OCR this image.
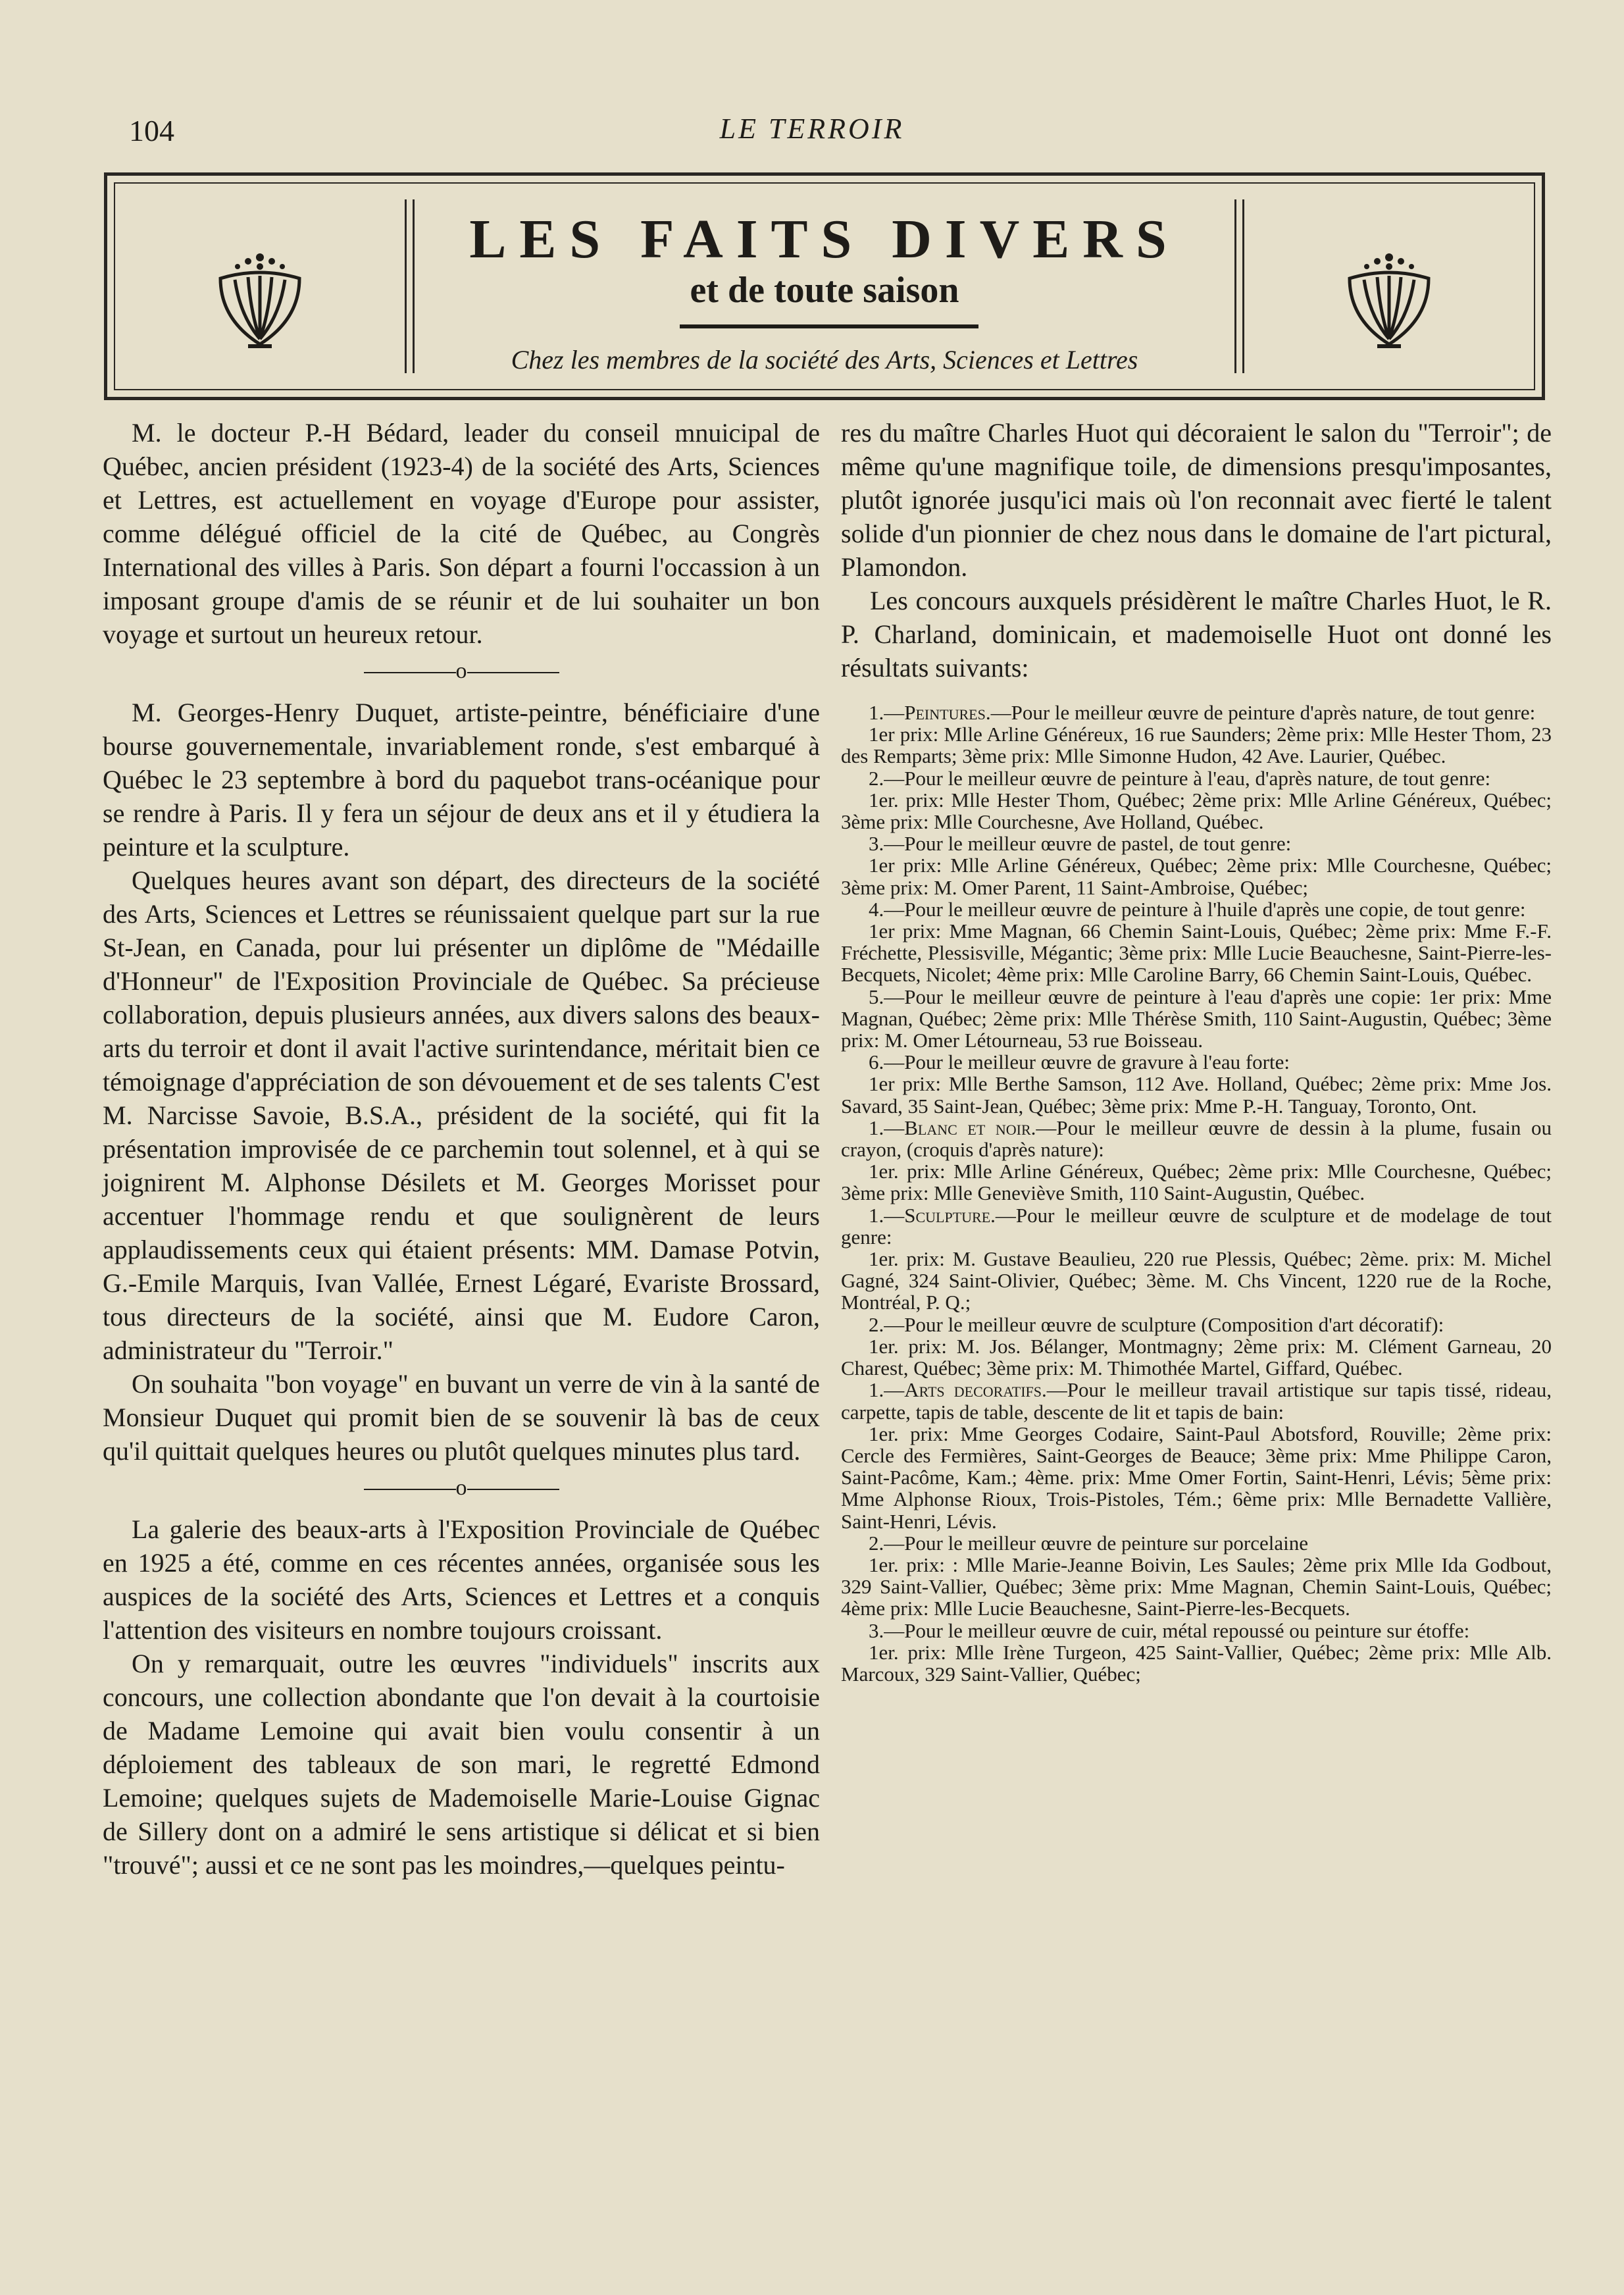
104	LE TERROIR
LES FAITS DIVERS
et de toute saison
Chez les membres de la société des Arts, Sciences et Lettres

M. le docteur P.-H Bédard, leader du conseil mnuicipal de Québec, ancien président (1923-4) de la société des Arts, Sciences et Lettres, est actuellement en voyage d'Europe pour assister, comme délégué officiel de la cité de Québec, au Congrès International des villes à Paris. Son départ a fourni l'occassion à un imposant groupe d'amis de se réunir et de lui souhaiter un bon voyage et surtout un heureux retour.

o

M. Georges-Henry Duquet, artiste-peintre, bénéficiaire d'une bourse gouvernementale, invariablement ronde, s'est embarqué à Québec le 23 septembre à bord du paquebot trans-océanique pour se rendre à Paris. Il y fera un séjour de deux ans et il y étudiera la peinture et la sculpture.

Quelques heures avant son départ, des directeurs de la société des Arts, Sciences et Lettres se réunissaient quelque part sur la rue St-Jean, en Canada, pour lui présenter un diplôme de "Médaille d'Honneur" de l'Exposition Provinciale de Québec. Sa précieuse collaboration, depuis plusieurs années, aux divers salons des beaux-arts du terroir et dont il avait l'active surintendance, méritait bien ce témoignage d'appréciation de son dévouement et de ses talents C'est M. Narcisse Savoie, B.S.A., président de la société, qui fit la présentation improvisée de ce parchemin tout solennel, et à qui se joignirent M. Alphonse Désilets et M. Georges Morisset pour accentuer l'hommage rendu et que soulignèrent de leurs applaudissements ceux qui étaient présents: MM. Damase Potvin, G.-Emile Marquis, Ivan Vallée, Ernest Légaré, Evariste Brossard, tous directeurs de la société, ainsi que M. Eudore Caron, administrateur du "Terroir."

On souhaita "bon voyage" en buvant un verre de vin à la santé de Monsieur Duquet qui promit bien de se souvenir là bas de ceux qu'il quittait quelques heures ou plutôt quelques minutes plus tard.

o

La galerie des beaux-arts à l'Exposition Provinciale de Québec en 1925 a été, comme en ces récentes années, organisée sous les auspices de la société des Arts, Sciences et Lettres et a conquis l'attention des visiteurs en nombre toujours croissant.

On y remarquait, outre les œuvres "individuels" inscrits aux concours, une collection abondante que l'on devait à la courtoisie de Madame Lemoine qui avait bien voulu consentir à un déploiement des tableaux de son mari, le regretté Edmond Lemoine; quelques sujets de Mademoiselle Marie-Louise Gignac de Sillery dont on a admiré le sens artistique si délicat et si bien "trouvé"; aussi et ce ne sont pas les moindres,—quelques peintu-

res du maître Charles Huot qui décoraient le salon du "Terroir"; de même qu'une magnifique toile, de dimensions presqu'imposantes, plutôt ignorée jusqu'ici mais où l'on reconnait avec fierté le talent solide d'un pionnier de chez nous dans le domaine de l'art pictural, Plamondon.

Les concours auxquels présidèrent le maître Charles Huot, le R. P. Charland, dominicain, et mademoiselle Huot ont donné les résultats suivants:

1.—Peintures.—Pour le meilleur œuvre de peinture d'après nature, de tout genre:

1er prix: Mlle Arline Généreux, 16 rue Saunders; 2ème prix: Mlle Hester Thom, 23 des Remparts; 3ème prix: Mlle Simonne Hudon, 42 Ave. Laurier, Québec.

2.—Pour le meilleur œuvre de peinture à l'eau, d'après nature, de tout genre:

1er. prix: Mlle Hester Thom, Québec; 2ème prix: Mlle Arline Généreux, Québec; 3ème prix: Mlle Courchesne, Ave Holland, Québec.

3.—Pour le meilleur œuvre de pastel, de tout genre:

1er prix: Mlle Arline Généreux, Québec; 2ème prix: Mlle Courchesne, Québec; 3ème prix: M. Omer Parent, 11 Saint-Ambroise, Québec;

4.—Pour le meilleur œuvre de peinture à l'huile d'après une copie, de tout genre:

1er prix: Mme Magnan, 66 Chemin Saint-Louis, Québec; 2ème prix: Mme F.-F. Fréchette, Plessisville, Mégantic; 3ème prix: Mlle Lucie Beauchesne, Saint-Pierre-les-Becquets, Nicolet; 4ème prix: Mlle Caroline Barry, 66 Chemin Saint-Louis, Québec.

5.—Pour le meilleur œuvre de peinture à l'eau d'après une copie: 1er prix: Mme Magnan, Québec; 2ème prix: Mlle Thérèse Smith, 110 Saint-Augustin, Québec; 3ème prix: M. Omer Létourneau, 53 rue Boisseau.

6.—Pour le meilleur œuvre de gravure à l'eau forte:

1er prix: Mlle Berthe Samson, 112 Ave. Holland, Québec; 2ème prix: Mme Jos. Savard, 35 Saint-Jean, Québec; 3ème prix: Mme P.-H. Tanguay, Toronto, Ont.

1.—Blanc et noir.—Pour le meilleur œuvre de dessin à la plume, fusain ou crayon, (croquis d'après nature):

1er. prix: Mlle Arline Généreux, Québec; 2ème prix: Mlle Courchesne, Québec; 3ème prix: Mlle Geneviève Smith, 110 Saint-Augustin, Québec.

1.—Sculpture.—Pour le meilleur œuvre de sculpture et de modelage de tout genre:

1er. prix: M. Gustave Beaulieu, 220 rue Plessis, Québec; 2ème. prix: M. Michel Gagné, 324 Saint-Olivier, Québec; 3ème. M. Chs Vincent, 1220 rue de la Roche, Montréal, P. Q.;

2.—Pour le meilleur œuvre de sculpture (Composition d'art décoratif):

1er. prix: M. Jos. Bélanger, Montmagny; 2ème prix: M. Clément Garneau, 20 Charest, Québec; 3ème prix: M. Thimothée Martel, Giffard, Québec.

1.—Arts decoratifs.—Pour le meilleur travail artistique sur tapis tissé, rideau, carpette, tapis de table, descente de lit et tapis de bain:

1er. prix: Mme Georges Codaire, Saint-Paul Abotsford, Rouville; 2ème prix: Cercle des Fermières, Saint-Georges de Beauce; 3ème prix: Mme Philippe Caron, Saint-Pacôme, Kam.; 4ème. prix: Mme Omer Fortin, Saint-Henri, Lévis; 5ème prix: Mme Alphonse Rioux, Trois-Pistoles, Tém.; 6ème prix: Mlle Bernadette Vallière, Saint-Henri, Lévis.

2.—Pour le meilleur œuvre de peinture sur porcelaine

1er. prix: : Mlle Marie-Jeanne Boivin, Les Saules; 2ème prix Mlle Ida Godbout, 329 Saint-Vallier, Québec; 3ème prix: Mme Magnan, Chemin Saint-Louis, Québec; 4ème prix: Mlle Lucie Beauchesne, Saint-Pierre-les-Becquets.

3.—Pour le meilleur œuvre de cuir, métal repoussé ou peinture sur étoffe:

1er. prix: Mlle Irène Turgeon, 425 Saint-Vallier, Québec; 2ème prix: Mlle Alb. Marcoux, 329 Saint-Vallier, Québec;
